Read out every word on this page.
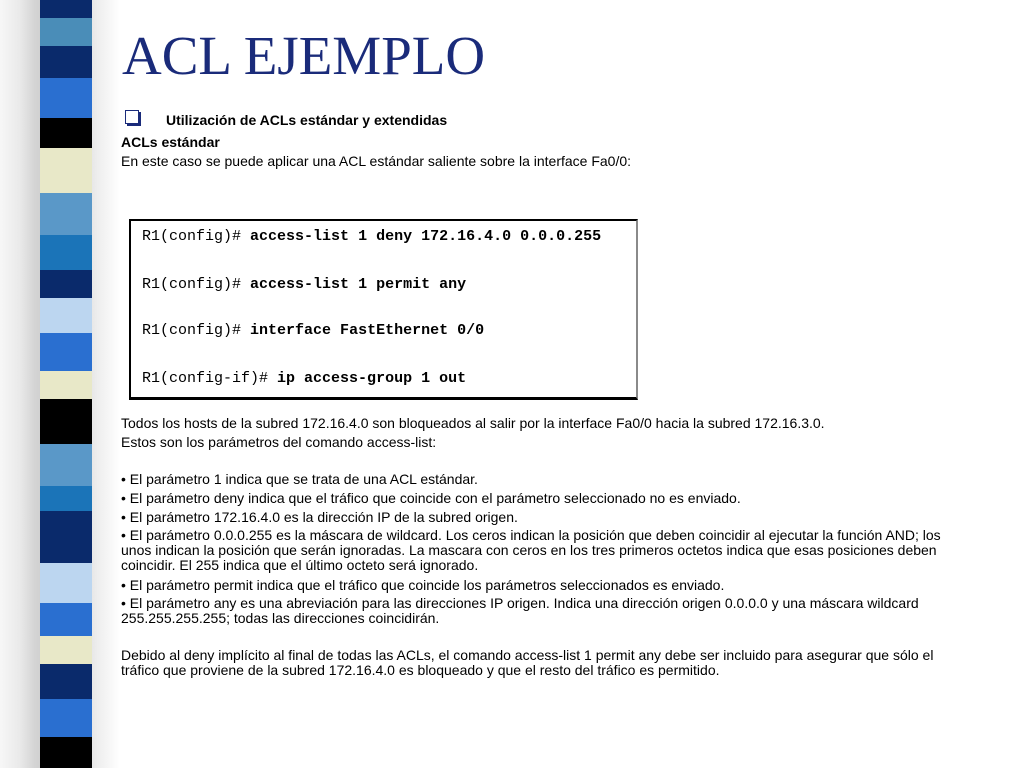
ACL EJEMPLO

Utilización de ACLs estándar y extendidas

ACLs estándar

En este caso se puede aplicar una ACL estándar saliente sobre la interface Fa0/0:

R1(config)# access-list 1 deny 172.16.4.0 0.0.0.255

R1(config)# access-list 1 permit any

R1(config)# interface FastEthernet 0/0

R1(config-if)# ip access-group 1 out

Todos los hosts de la subred 172.16.4.0 son bloqueados al salir por la interface Fa0/0 hacia la subred 172.16.3.0.

Estos son los parámetros del comando access-list:

• El parámetro 1 indica que se trata de una ACL estándar.

• El parámetro deny indica que el tráfico que coincide con el parámetro seleccionado no es enviado.

• El parámetro 172.16.4.0 es la dirección IP de la subred origen.

• El parámetro 0.0.0.255 es la máscara de wildcard. Los ceros indican la posición que deben coincidir al ejecutar la función AND; los unos indican la posición que serán ignoradas. La mascara con ceros en los tres primeros octetos indica que esas posiciones deben coincidir. El 255 indica que el último octeto será ignorado.

• El parámetro permit indica que el tráfico que coincide los parámetros seleccionados es enviado.

• El parámetro any es una abreviación para las direcciones IP origen. Indica una dirección origen 0.0.0.0 y una máscara wildcard 255.255.255.255; todas las direcciones coincidirán.

Debido al deny implícito al final de todas las ACLs, el comando access-list 1 permit any debe ser incluido para asegurar que sólo el tráfico que proviene de la subred 172.16.4.0 es bloqueado y que el resto del tráfico es permitido.
